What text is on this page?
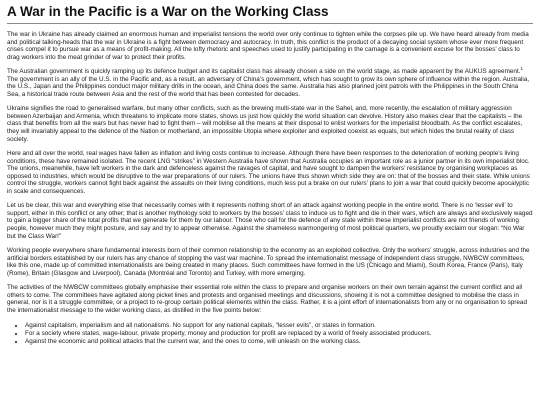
A War in the Pacific is a War on the Working Class

The war in Ukraine has already claimed an enormous human and imperialist tensions the world over only continue to tighten while the corpses pile up. We have heard already from media and political talking-heads that the war in Ukraine is a fight between democracy and autocracy. In truth, this conflict is the product of a decaying social system whose ever more frequent crises compel it to pursue war as a means of profit-making. All the lofty rhetoric and speeches used to justify participating in the carnage is a convenient excuse for the bosses’ class to drag workers into the meat grinder of war to protect their profits.

The Australian government is quickly ramping up its defence budget and its capitalist class has already chosen a side on the world stage, as made apparent by the AUKUS agreement.$^1$ The government is an ally of the U.S. in the Pacific and, as a result, an adversary of China’s government, which has sought to grow its own sphere of influence within the region. Australia, the U.S., Japan and the Philippines conduct major military drills in the ocean, and China does the same. Australia has also planned joint patrols with the Philippines in the South China Sea, a historical trade route between Asia and the rest of the world that has been contested for decades.

Ukraine signifies the road to generalised warfare, but many other conflicts, such as the brewing multi-state war in the Sahel, and, more recently, the escalation of military aggression between Azerbaijan and Armenia, which threatens to implicate more states, shows us just how quickly the world situation can devolve. History also makes clear that the capitalists – the class that benefits from all the wars but has never had to fight them – will mobilise all the means at their disposal to enlist workers for the imperialist bloodbath. As the conflict escalates, they will invariably appeal to the defence of the Nation or motherland, an impossible Utopia where exploiter and exploited coexist as equals, but which hides the brutal reality of class society.

Here and all over the world, real wages have fallen as inflation and living costs continue to increase. Although there have been responses to the deterioration of working people’s living conditions, these have remained isolated. The recent LNG “strikes” in Western Australia have shown that Australia occupies an important role as a junior partner in its own imperialist bloc. The unions, meanwhile, have left workers in the dark and defenceless against the ravages of capital, and have sought to dampen the workers’ resistance by organising workplaces as opposed to industries, which would be disruptive to the war preparations of our rulers. The unions have thus shown which side they are on: that of the bosses and their state. While unions control the struggle, workers cannot fight back against the assaults on their living conditions, much less put a brake on our rulers’ plans to join a war that could quickly become apocalyptic in scale and consequences.

Let us be clear, this war and everything else that necessarily comes with it represents nothing short of an attack against working people in the entire world. There is no ‘lesser evil’ to support, either in this conflict or any other; that is another mythology sold to workers by the bosses’ class to induce us to fight and die in their wars, which are always and exclusively waged to gain a bigger share of the total profits that we generate for them by our labour. Those who call for the defence of any state within these imperialist conflicts are not friends of working people, however much they might posture, and say and try to appear otherwise. Against the shameless warmongering of most political quarters, we proudly exclaim our slogan: “No War but the Class War!”

Working people everywhere share fundamental interests born of their common relationship to the economy as an exploited collective. Only the workers’ struggle, across industries and the artificial borders established by our rulers has any chance of stopping the vast war machine. To spread the internationalist message of independent class struggle, NWBCW committees, like this one, made up of committed internationalists are being created in many places. Such committees have formed in the US (Chicago and Miami), South Korea, France (Paris), Italy (Rome), Britain (Glasgow and Liverpool), Canada (Montréal and Toronto) and Turkey, with more emerging.

The activities of the NWBCW committees globally emphasise their essential role within the class to prepare and organise workers on their own terrain against the current conflict and all others to come. The committees have agitated along picket lines and protests and organised meetings and discussions, showing it is not a committee designed to mobilise the class in general, nor is it a struggle committee, or a project to re-group certain political elements within the class. Rather, it is a joint effort of internationalists from any or no organisation to spread the internationalist message to the wider working class, as distilled in the five points below:

• Against capitalism, imperialism and all nationalisms. No support for any national capitals, “lesser evils”, or states in formation.
• For a society where states, wage-labour, private property, money and production for profit are replaced by a world of freely associated producers.
• Against the economic and political attacks that the current war, and the ones to come, will unleash on the working class.
